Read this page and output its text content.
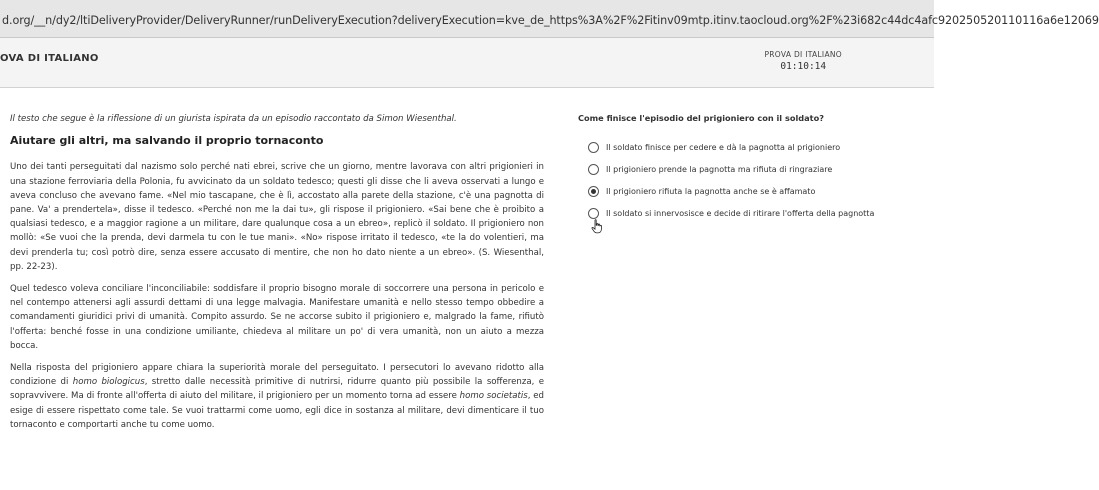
d.org/__n/dy2/ltiDeliveryProvider/DeliveryRunner/runDeliveryExecution?deliveryExecution=kve_de_https%3A%2F%2Fitinv09mtp.itinv.taocloud.org%2F%23i682c44dc4afc920250520110116a6e12069
OVA DI ITALIANO	PROVA DI ITALIANO
01:10:14

Il testo che segue è la riflessione di un giurista ispirata da un episodio raccontato da Simon Wiesenthal.

Aiutare gli altri, ma salvando il proprio tornaconto

Uno dei tanti perseguitati dal nazismo solo perché nati ebrei, scrive che un giorno, mentre lavorava con altri prigionieri in una stazione ferroviaria della Polonia, fu avvicinato da un soldato tedesco; questi gli disse che li aveva osservati a lungo e aveva concluso che avevano fame. «Nel mio tascapane, che è lì, accostato alla parete della stazione, c'è una pagnotta di pane. Va' a prendertela», disse il tedesco. «Perché non me la dai tu», gli rispose il prigioniero. «Sai bene che è proibito a qualsiasi tedesco, e a maggior ragione a un militare, dare qualunque cosa a un ebreo», replicò il soldato. Il prigioniero non mollò: «Se vuoi che la prenda, devi darmela tu con le tue mani». «No» rispose irritato il tedesco, «te la do volentieri, ma devi prenderla tu; così potrò dire, senza essere accusato di mentire, che non ho dato niente a un ebreo». (S. Wiesenthal, pp. 22-23).

Quel tedesco voleva conciliare l'inconciliabile: soddisfare il proprio bisogno morale di soccorrere una persona in pericolo e nel contempo attenersi agli assurdi dettami di una legge malvagia. Manifestare umanità e nello stesso tempo obbedire a comandamenti giuridici privi di umanità. Compito assurdo. Se ne accorse subito il prigioniero e, malgrado la fame, rifiutò l'offerta: benché fosse in una condizione umiliante, chiedeva al militare un po' di vera umanità, non un aiuto a mezza bocca.

Nella risposta del prigioniero appare chiara la superiorità morale del perseguitato. I persecutori lo avevano ridotto alla condizione di homo biologicus, stretto dalle necessità primitive di nutrirsi, ridurre quanto più possibile la sofferenza, e sopravvivere. Ma di fronte all'offerta di aiuto del militare, il prigioniero per un momento torna ad essere homo societatis, ed esige di essere rispettato come tale. Se vuoi trattarmi come uomo, egli dice in sostanza al militare, devi dimenticare il tuo tornaconto e comportarti anche tu come uomo.

Come finisce l'episodio del prigioniero con il soldato?
Il soldato finisce per cedere e dà la pagnotta al prigioniero
Il prigioniero prende la pagnotta ma rifiuta di ringraziare
Il prigioniero rifiuta la pagnotta anche se è affamato
Il soldato si innervosisce e decide di ritirare l'offerta della pagnotta
